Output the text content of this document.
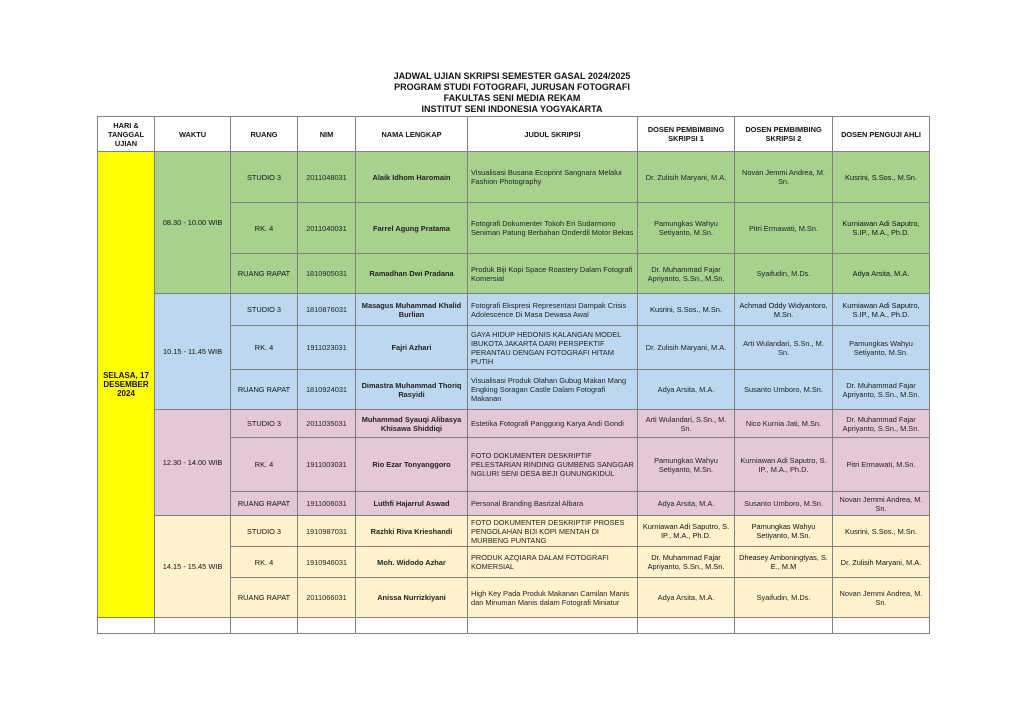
JADWAL UJIAN SKRIPSI SEMESTER GASAL 2024/2025
PROGRAM STUDI FOTOGRAFI, JURUSAN FOTOGRAFI
FAKULTAS SENI MEDIA REKAM
INSTITUT SENI INDONESIA YOGYAKARTA
HARI & TANGGAL UJIAN	WAKTU	RUANG	NIM	NAMA LENGKAP	JUDUL SKRIPSI	DOSEN PEMBIMBING SKRIPSI 1	DOSEN PEMBIMBING SKRIPSI 2	DOSEN PENGUJI AHLI
SELASA, 17 DESEMBER 2024	08.30 - 10.00 WIB	STUDIO 3	2011048031	Alaik Idhom Haromain	Visualisasi Busana Ecoprint Sangnara Melalui Fashion Photography	Dr. Zulisih Maryani, M.A.	Novan Jemmi Andrea, M. Sn.	Kusrini, S.Sos., M.Sn.
		RK. 4	2011040031	Farrel Agung Pratama	Fotografi Dokumenter Tokoh Eri Sudarmono Seniman Patung Berbahan Onderdil Motor Bekas	Pamungkas Wahyu Setiyanto, M.Sn.	Pitri Ermawati, M.Sn.	Kurniawan Adi Saputro, S.IP., M.A., Ph.D.
		RUANG RAPAT	1810905031	Ramadhan Dwi Pradana	Produk Biji Kopi Space Roastery Dalam Fotografi Komersial	Dr. Muhammad Fajar Apriyanto, S.Sn., M.Sn.	Syaifudin, M.Ds.	Adya Arsita, M.A.
	10.15 - 11.45 WIB	STUDIO 3	1810876031	Masagus Muhammad Khalid Burlian	Fotografi Ekspresi Representasi Dampak Crisis Adolescence Di Masa Dewasa Awal	Kusrini, S.Sos., M.Sn.	Achmad Oddy Widyantoro, M.Sn.	Kurniawan Adi Saputro, S.IP., M.A., Ph.D.
		RK. 4	1911023031	Fajri Azhari	GAYA HIDUP HEDONIS KALANGAN MODEL IBUKOTA JAKARTA DARI PERSPEKTIF PERANTAU DENGAN FOTOGRAFI HITAM PUTIH	Dr. Zulisih Maryani, M.A.	Arti Wulandari, S.Sn., M. Sn.	Pamungkas Wahyu Setiyanto, M.Sn.
		RUANG RAPAT	1810924031	Dimastra Muhammad Thoriq Rasyidi	Visualisasi Produk Olahan Gubug Makan Mang Engking Soragan Castle Dalam Fotografi Makanan	Adya Arsita, M.A.	Susanto Umboro, M.Sn.	Dr. Muhammad Fajar Apriyanto, S.Sn., M.Sn.
	12.30 - 14.00 WIB	STUDIO 3	2011035031	Muhammad Syauqi Alibasya Khisawa Shiddiqi	Estetika Fotografi Panggung Karya Andi Gondi	Arti Wulandari, S.Sn., M. Sn.	Nico Kurnia Jati, M.Sn.	Dr. Muhammad Fajar Apriyanto, S.Sn., M.Sn.
		RK. 4	1911003031	Rio Ezar Tonyanggoro	FOTO DOKUMENTER DESKRIPTIF PELESTARIAN RINDING GUMBENG SANGGAR NGLURI SENI DESA BEJI GUNUNGKIDUL	Pamungkas Wahyu Setiyanto, M.Sn.	Kurniawan Adi Saputro, S. IP., M.A., Ph.D.	Pitri Ermawati, M.Sn.
		RUANG RAPAT	1911006031	Luthfi Hajarrul Aswad	Personal Branding Basrizal Albara	Adya Arsita, M.A.	Susanto Umboro, M.Sn.	Novan Jemmi Andrea, M. Sn.
	14.15 - 15.45 WIB	STUDIO 3	1910987031	Razhki Riva Krieshandi	FOTO DOKUMENTER DESKRIPTIF PROSES PENGOLAHAN BIJI KOPI MENTAH DI MURBENG PUNTANG	Kurniawan Adi Saputro, S. IP., M.A., Ph.D.	Pamungkas Wahyu Setiyanto, M.Sn.	Kusrini, S.Sos., M.Sn.
		RK. 4	1910946031	Moh. Widodo Azhar	PRODUK AZQIARA DALAM FOTOGRAFI KOMERSIAL	Dr. Muhammad Fajar Apriyanto, S.Sn., M.Sn.	Dheasey Amboningtyas, S. E., M.M	Dr. Zulisih Maryani, M.A.
		RUANG RAPAT	2011066031	Anissa Nurrizkiyani	High Key Pada Produk Makanan Camilan Manis dan Minuman Manis dalam Fotografi Miniatur	Adya Arsita, M.A.	Syaifudin, M.Ds.	Novan Jemmi Andrea, M. Sn.
